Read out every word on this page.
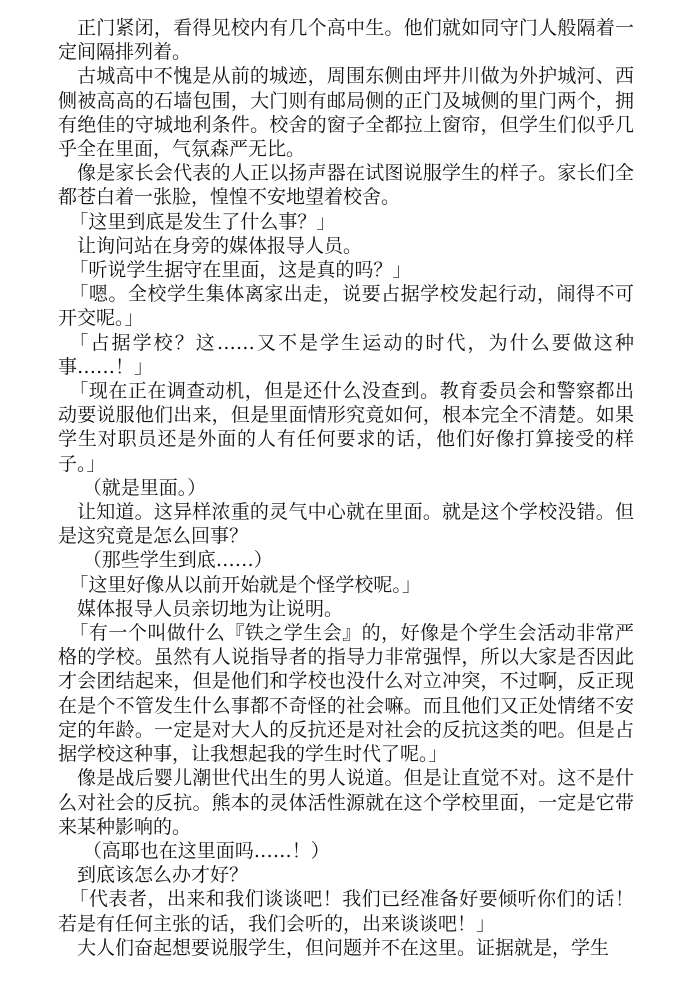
正门紧闭，看得见校内有几个高中生。他们就如同守门人般隔着一定间隔排列着。

古城高中不愧是从前的城迹，周围东侧由坪井川做为外护城河、西侧被高高的石墙包围，大门则有邮局侧的正门及城侧的里门两个，拥有绝佳的守城地利条件。校舍的窗子全都拉上窗帘，但学生们似乎几乎全在里面，气氛森严无比。

像是家长会代表的人正以扬声器在试图说服学生的样子。家长们全都苍白着一张脸，惶惶不安地望着校舍。

「这里到底是发生了什么事？」

让询问站在身旁的媒体报导人员。

「听说学生据守在里面，这是真的吗？」

「嗯。全校学生集体离家出走，说要占据学校发起行动，闹得不可开交呢。」

「占据学校？这……又不是学生运动的时代，为什么要做这种事……！」

「现在正在调查动机，但是还什么没查到。教育委员会和警察都出动要说服他们出来，但是里面情形究竟如何，根本完全不清楚。如果学生对职员还是外面的人有任何要求的话，他们好像打算接受的样子。」

（就是里面。）

让知道。这异样浓重的灵气中心就在里面。就是这个学校没错。但是这究竟是怎么回事？

（那些学生到底……）

「这里好像从以前开始就是个怪学校呢。」

媒体报导人员亲切地为让说明。

「有一个叫做什么『铁之学生会』的，好像是个学生会活动非常严格的学校。虽然有人说指导者的指导力非常强悍，所以大家是否因此才会团结起来，但是他们和学校也没什么对立冲突，不过啊，反正现在是个不管发生什么事都不奇怪的社会嘛。而且他们又正处情绪不安定的年龄。一定是对大人的反抗还是对社会的反抗这类的吧。但是占据学校这种事，让我想起我的学生时代了呢。」

像是战后婴儿潮世代出生的男人说道。但是让直觉不对。这不是什么对社会的反抗。熊本的灵体活性源就在这个学校里面，一定是它带来某种影响的。

（高耶也在这里面吗……！）

到底该怎么办才好？

「代表者，出来和我们谈谈吧！我们已经准备好要倾听你们的话！若是有任何主张的话，我们会听的，出来谈谈吧！」

大人们奋起想要说服学生，但问题并不在这里。证据就是，学生
